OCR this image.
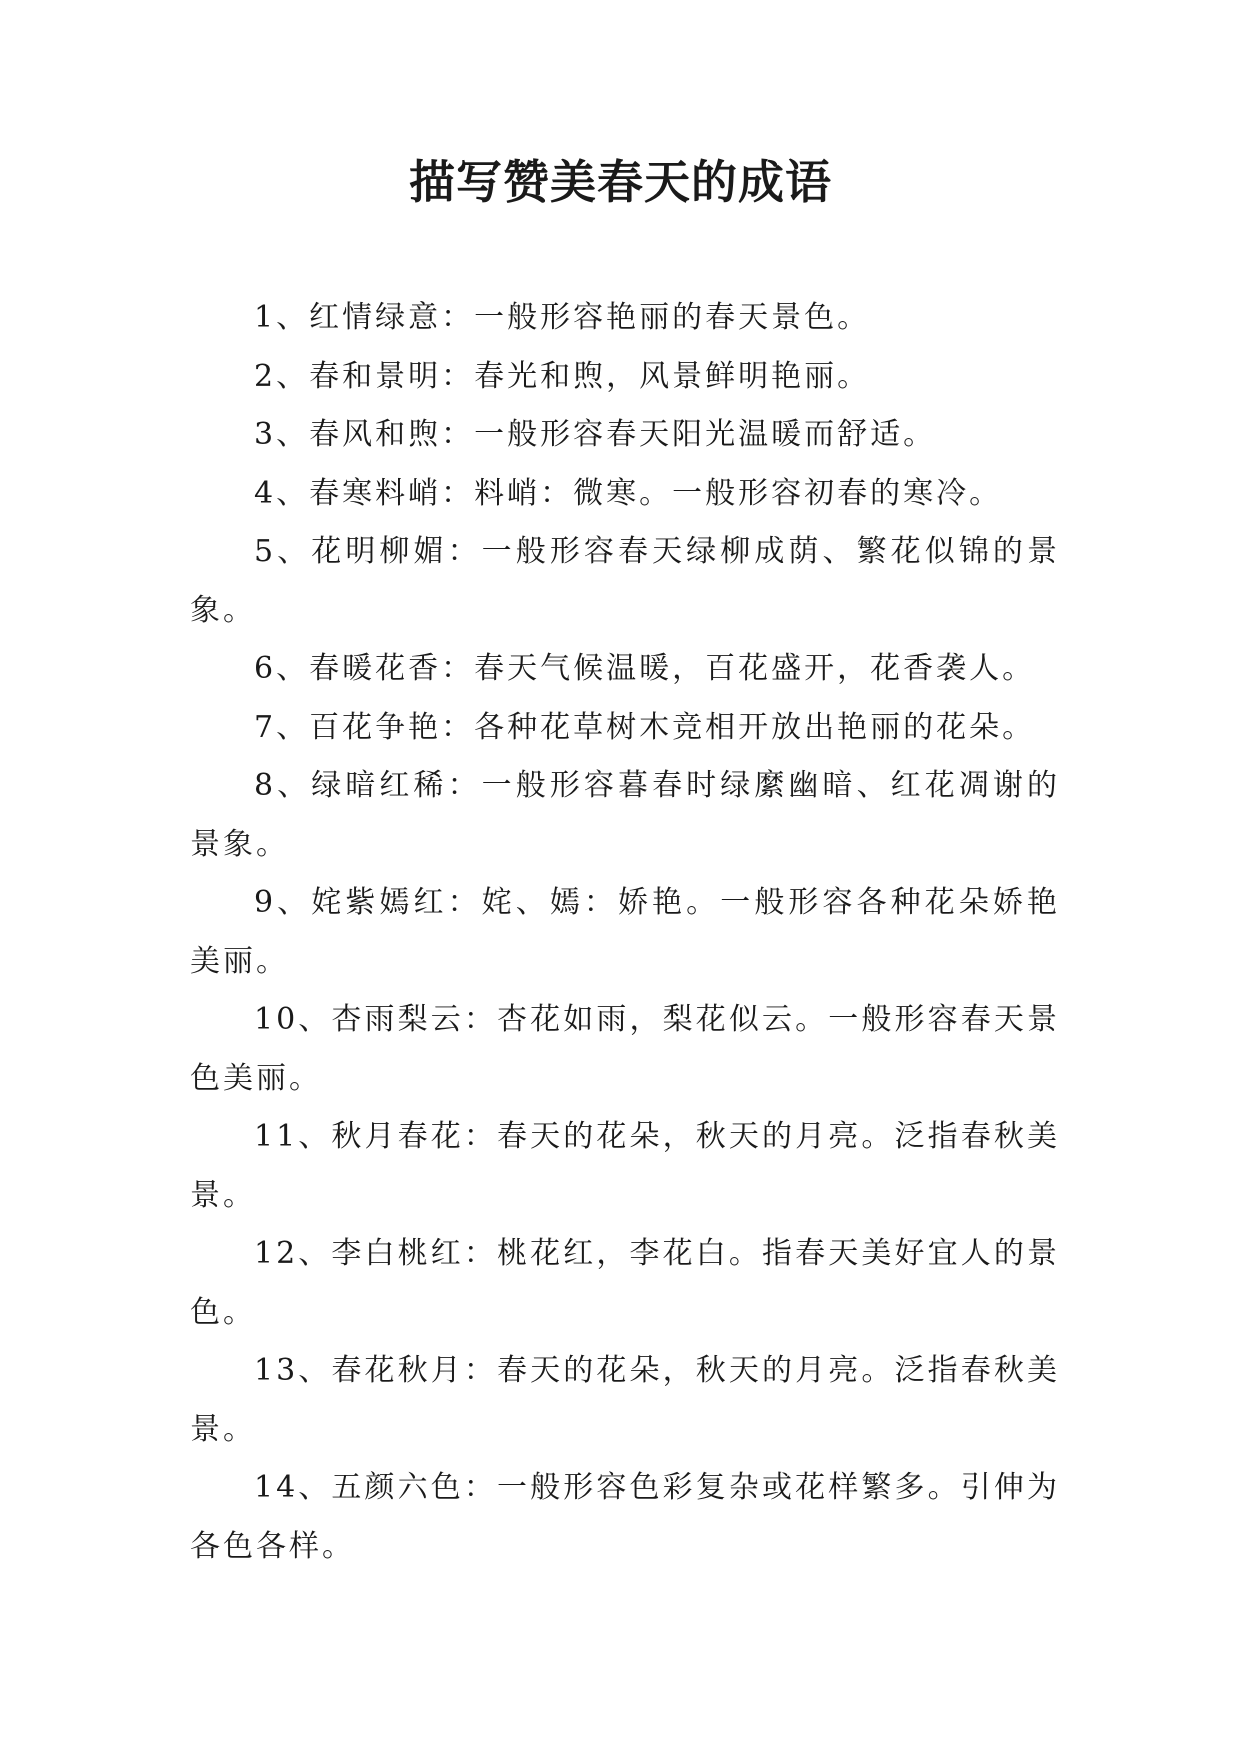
描写赞美春天的成语

1、红情绿意：一般形容艳丽的春天景色。

2、春和景明：春光和煦，风景鲜明艳丽。

3、春风和煦：一般形容春天阳光温暖而舒适。

4、春寒料峭：料峭：微寒。一般形容初春的寒冷。

5、花明柳媚：一般形容春天绿柳成荫、繁花似锦的景象。

6、春暖花香：春天气候温暖，百花盛开，花香袭人。

7、百花争艳：各种花草树木竞相开放出艳丽的花朵。

8、绿暗红稀：一般形容暮春时绿縻幽暗、红花凋谢的景象。

9、姹紫嫣红：姹、嫣：娇艳。一般形容各种花朵娇艳美丽。

10、杏雨梨云：杏花如雨，梨花似云。一般形容春天景色美丽。

11、秋月春花：春天的花朵，秋天的月亮。泛指春秋美景。

12、李白桃红：桃花红，李花白。指春天美好宜人的景色。

13、春花秋月：春天的花朵，秋天的月亮。泛指春秋美景。

14、五颜六色：一般形容色彩复杂或花样繁多。引伸为各色各样。
